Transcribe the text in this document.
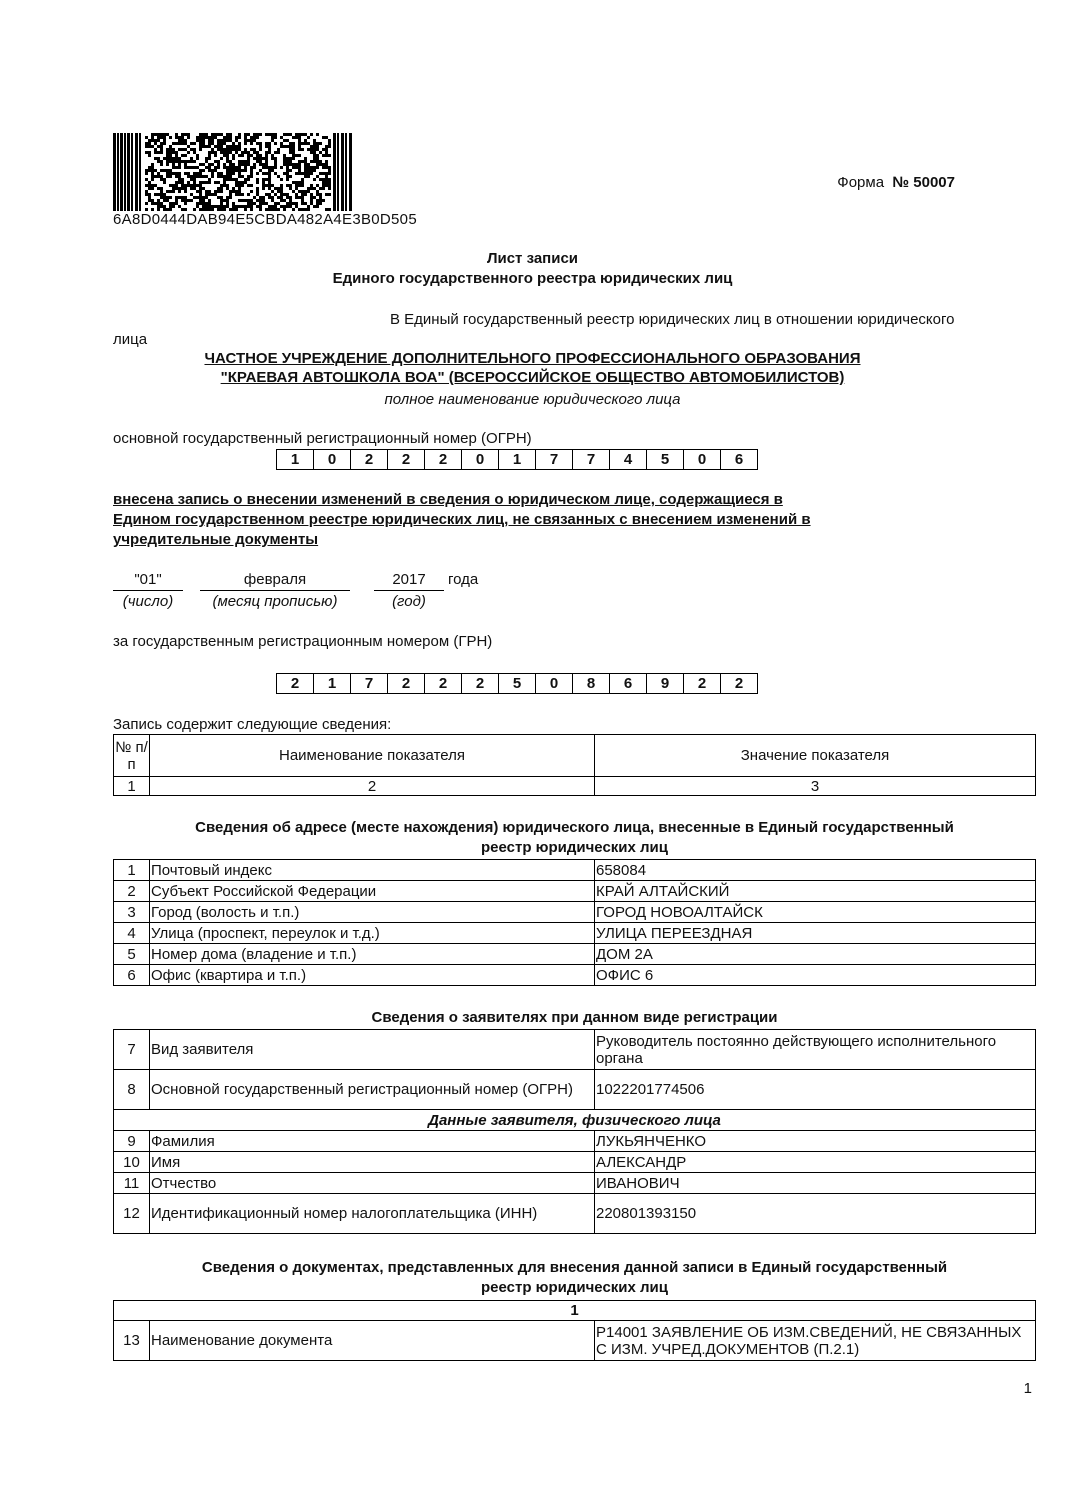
6A8D0444DAB94E5CBDA482A4E3B0D505
Форма № 50007
Лист записи
Единого государственного реестра юридических лиц
В Единый государственный реестр юридических лиц в отношении юридического
лица
ЧАСТНОЕ УЧРЕЖДЕНИЕ ДОПОЛНИТЕЛЬНОГО ПРОФЕССИОНАЛЬНОГО ОБРАЗОВАНИЯ
"КРАЕВАЯ АВТОШКОЛА ВОА" (ВСЕРОССИЙСКОЕ ОБЩЕСТВО АВТОМОБИЛИСТОВ)
полное наименование юридического лица
основной государственный регистрационный номер (ОГРН)
1	0	2	2	2	0	1	7	7	4	5	0	6
внесена запись о внесении изменений в сведения о юридическом лице, содержащиеся в
Едином государственном реестре юридических лиц, не связанных с внесением изменений в
учредительные документы
"01"	февраля	2017	года
(число)	(месяц прописью)	(год)
за государственным регистрационным номером (ГРН)
2	1	7	2	2	2	5	0	8	6	9	2	2
Запись содержит следующие сведения:
№ п/п	Наименование показателя	Значение показателя
1	2	3
Сведения об адресе (месте нахождения) юридического лица, внесенные в Единый государственный
реестр юридических лиц
1	Почтовый индекс	658084
2	Субъект Российской Федерации	КРАЙ АЛТАЙСКИЙ
3	Город (волость и т.п.)	ГОРОД НОВОАЛТАЙСК
4	Улица (проспект, переулок и т.д.)	УЛИЦА ПЕРЕЕЗДНАЯ
5	Номер дома (владение и т.п.)	ДОМ 2А
6	Офис (квартира и т.п.)	ОФИС 6
Сведения о заявителях при данном виде регистрации
7	Вид заявителя	Руководитель постоянно действующего исполнительного органа
8	Основной государственный регистрационный номер (ОГРН)	1022201774506
Данные заявителя, физического лица		
9	Фамилия	ЛУКЬЯНЧЕНКО
10	Имя	АЛЕКСАНДР
11	Отчество	ИВАНОВИЧ
12	Идентификационный номер налогоплательщика (ИНН)	220801393150
Сведения о документах, представленных для внесения данной записи в Единый государственный
реестр юридических лиц
1
13	Наименование документа	Р14001 ЗАЯВЛЕНИЕ ОБ ИЗМ.СВЕДЕНИЙ, НЕ СВЯЗАННЫХ С ИЗМ. УЧРЕД.ДОКУМЕНТОВ (П.2.1)
1
